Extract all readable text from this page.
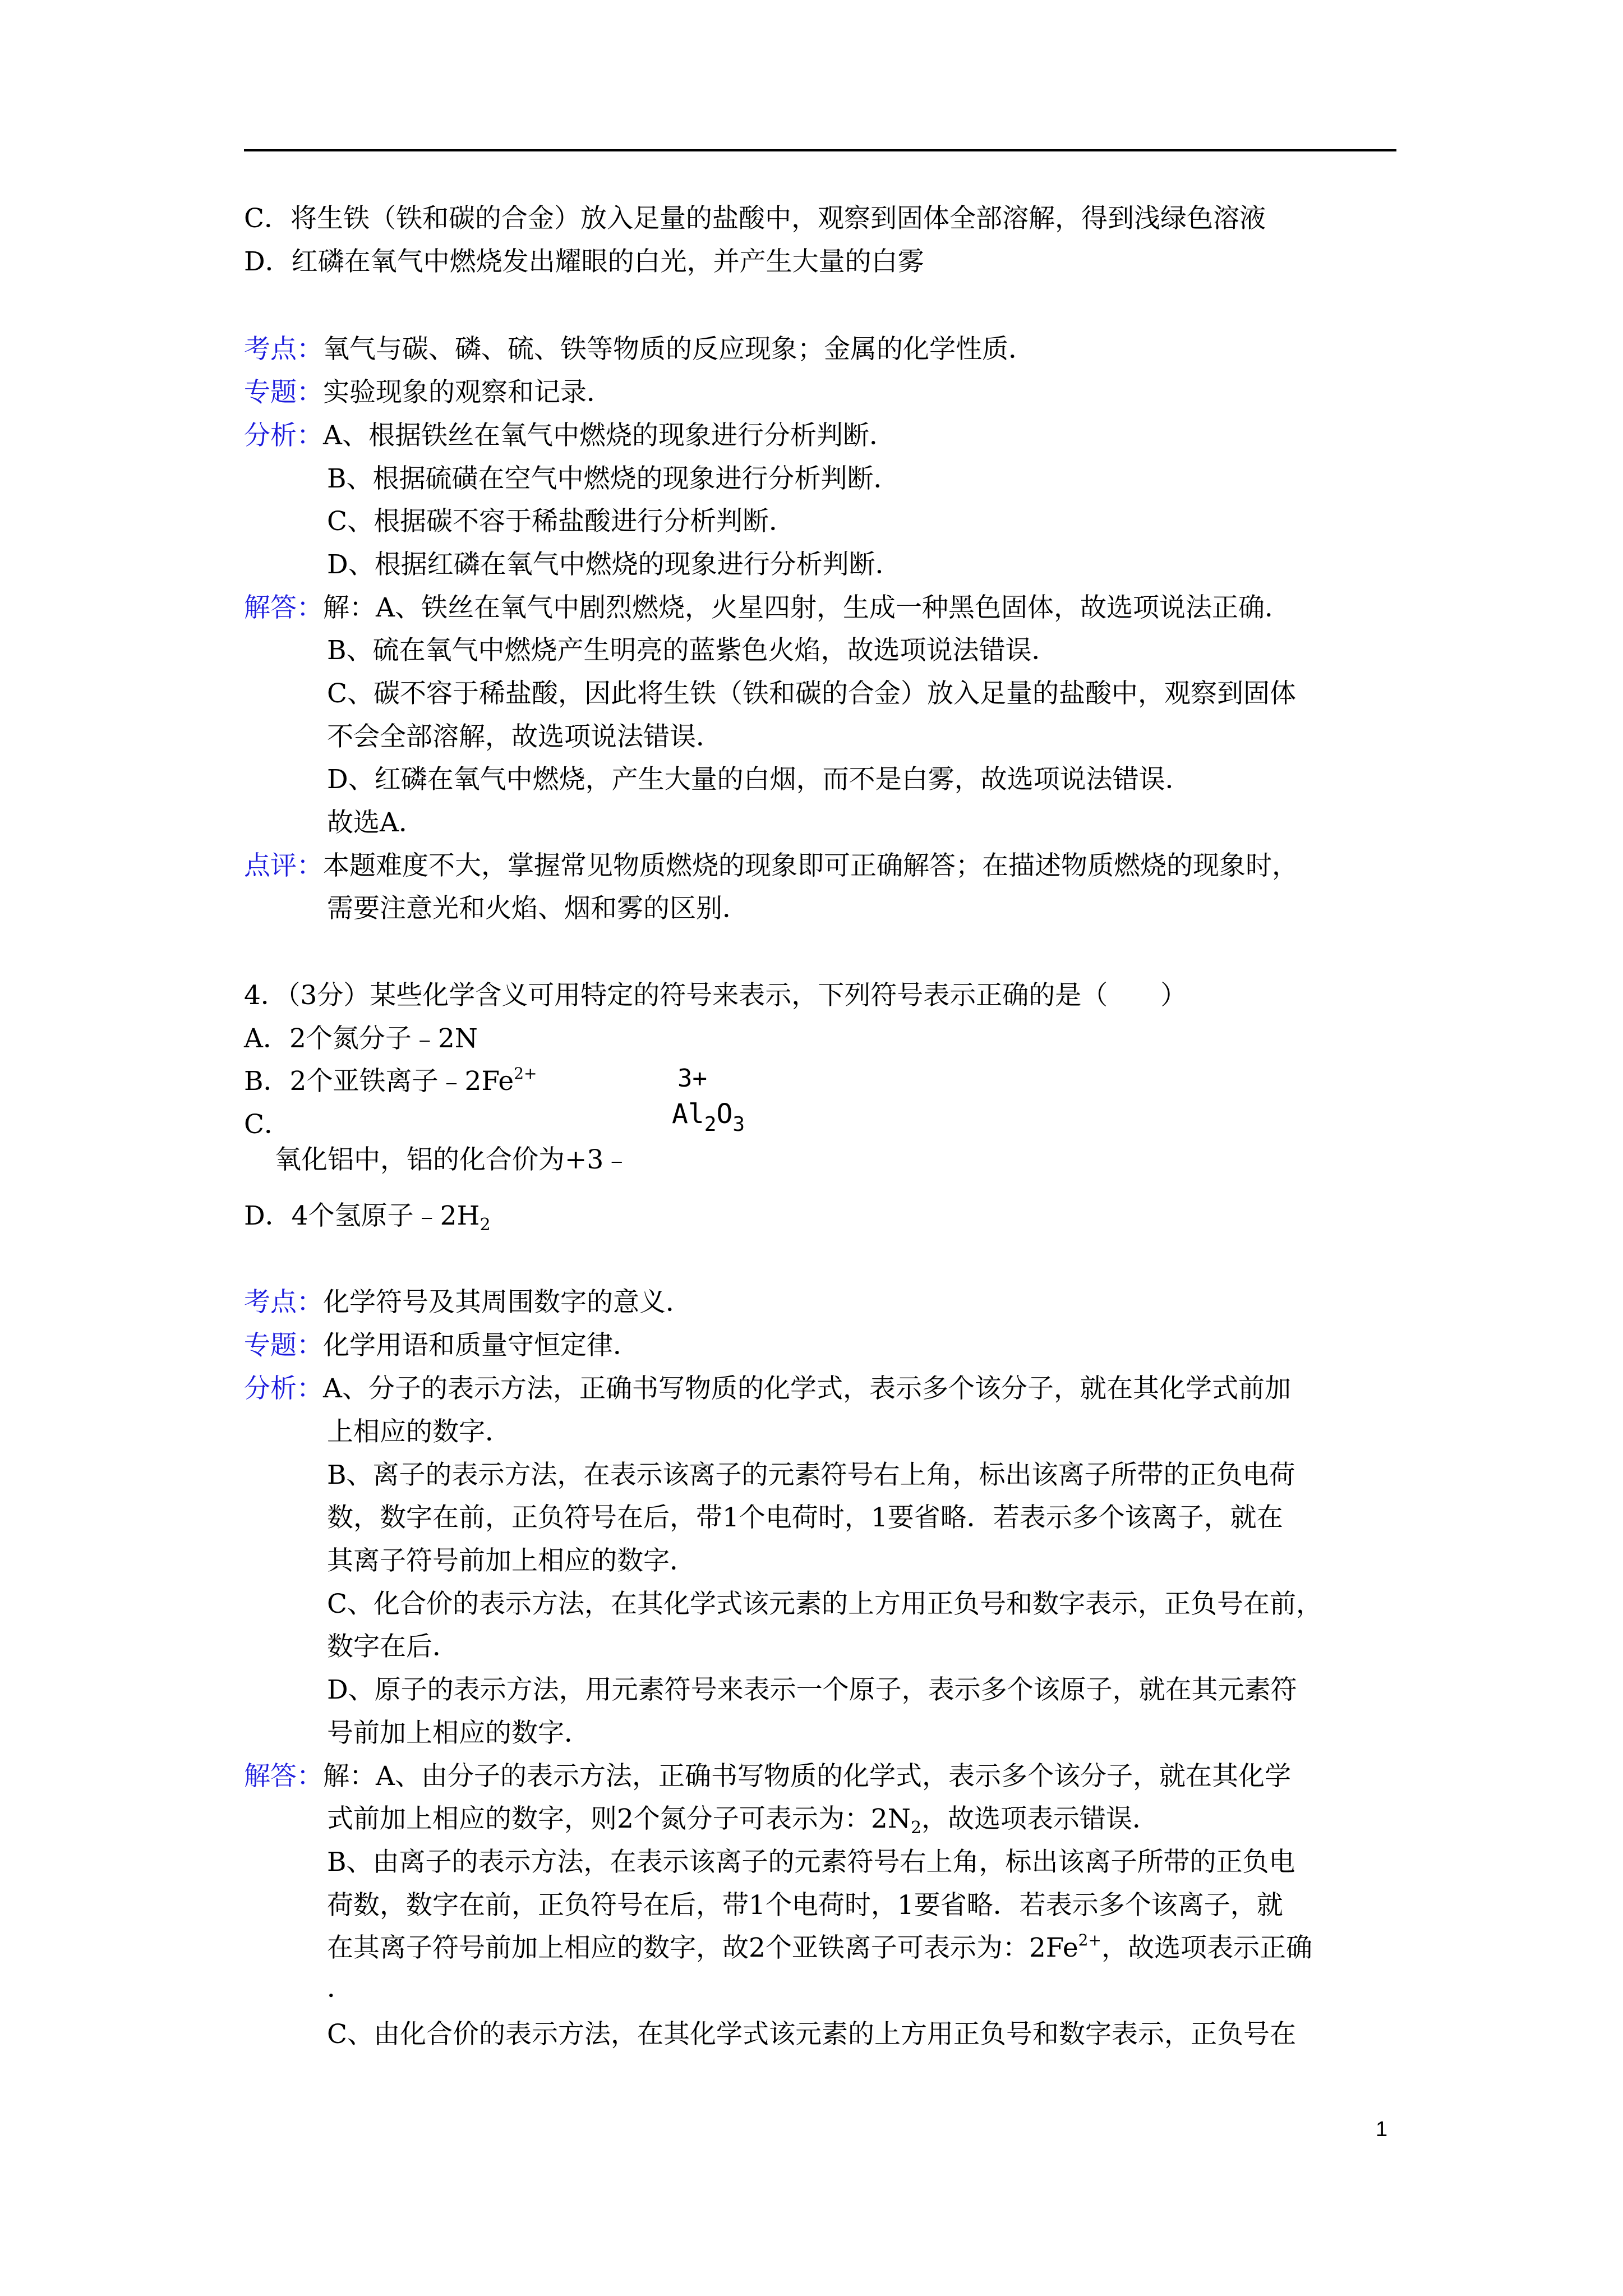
C．将生铁（铁和碳的合金）放入足量的盐酸中，观察到固体全部溶解，得到浅绿色溶液
D．红磷在氧气中燃烧发出耀眼的白光，并产生大量的白雾
考点：氧气与碳、磷、硫、铁等物质的反应现象；金属的化学性质．
专题：实验现象的观察和记录．
分析：A、根据铁丝在氧气中燃烧的现象进行分析判断．
B、根据硫磺在空气中燃烧的现象进行分析判断．
C、根据碳不容于稀盐酸进行分析判断．
D、根据红磷在氧气中燃烧的现象进行分析判断．
解答：解：A、铁丝在氧气中剧烈燃烧，火星四射，生成一种黑色固体，故选项说法正确．
B、硫在氧气中燃烧产生明亮的蓝紫色火焰，故选项说法错误．
C、碳不容于稀盐酸，因此将生铁（铁和碳的合金）放入足量的盐酸中，观察到固体
不会全部溶解，故选项说法错误．
D、红磷在氧气中燃烧，产生大量的白烟，而不是白雾，故选项说法错误．
故选A．
点评：本题难度不大，掌握常见物质燃烧的现象即可正确解答；在描述物质燃烧的现象时，
需要注意光和火焰、烟和雾的区别．
4．（3分）某些化学含义可用特定的符号来表示，下列符号表示正确的是（　　）
A．2个氮分子﹣2N
B．2个亚铁离子$﹣2Fe^{2+}$
C．
氧化铝中，铝的化合价为+3﹣
3+
$Al_2O_3$
D．4个氢原子$﹣2H_2$
考点：化学符号及其周围数字的意义．
专题：化学用语和质量守恒定律．
分析：A、分子的表示方法，正确书写物质的化学式，表示多个该分子，就在其化学式前加
上相应的数字．
B、离子的表示方法，在表示该离子的元素符号右上角，标出该离子所带的正负电荷
数，数字在前，正负符号在后，带1个电荷时，1要省略．若表示多个该离子，就在
其离子符号前加上相应的数字．
C、化合价的表示方法，在其化学式该元素的上方用正负号和数字表示，正负号在前，
数字在后．
D、原子的表示方法，用元素符号来表示一个原子，表示多个该原子，就在其元素符
号前加上相应的数字．
解答：解：A、由分子的表示方法，正确书写物质的化学式，表示多个该分子，就在其化学
式前加上相应的数字，则2个氮分子可表示为：$2N_2$，故选项表示错误．
B、由离子的表示方法，在表示该离子的元素符号右上角，标出该离子所带的正负电
荷数，数字在前，正负符号在后，带1个电荷时，1要省略．若表示多个该离子，就
在其离子符号前加上相应的数字，故2个亚铁离子可表示为：$2Fe^{2+}$，故选项表示正确
．
C、由化合价的表示方法，在其化学式该元素的上方用正负号和数字表示，正负号在
1
